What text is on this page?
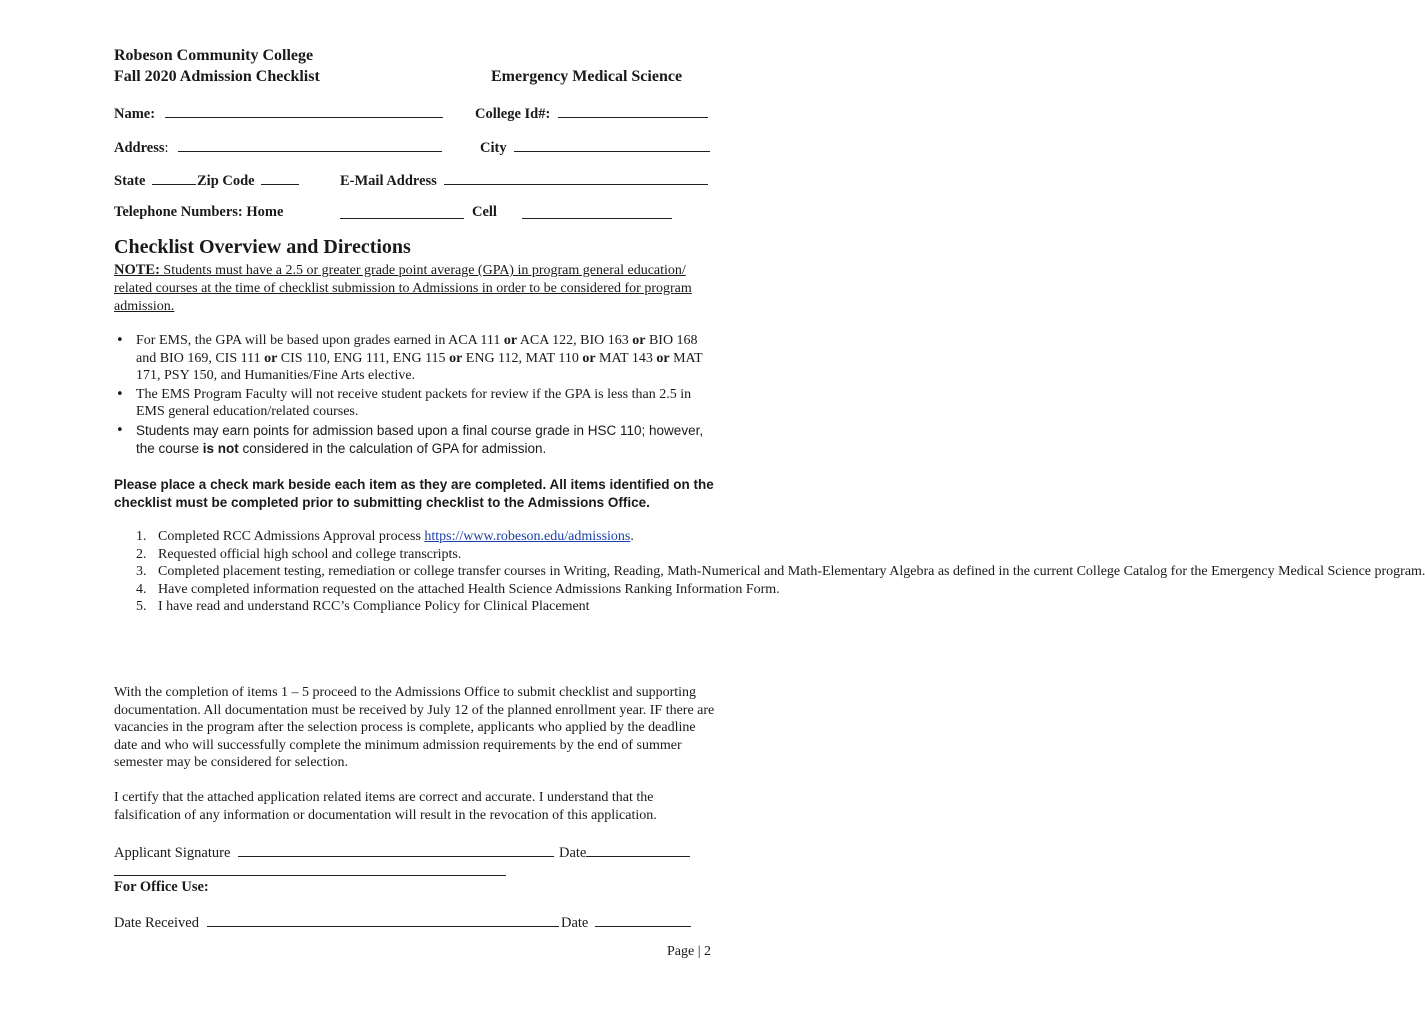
Robeson Community College
Fall 2020 Admission Checklist	Emergency Medical Science
Name:	College Id#:
Address:	City
State	Zip Code	E-Mail Address
Telephone Numbers: Home	Cell
Checklist Overview and Directions
NOTE: Students must have a 2.5 or greater grade point average (GPA) in program general education/ related courses at the time of checklist submission to Admissions in order to be considered for program admission.
• For EMS, the GPA will be based upon grades earned in ACA 111 or ACA 122, BIO 163 or BIO 168 and BIO 169, CIS 111 or CIS 110, ENG 111, ENG 115 or ENG 112, MAT 110 or MAT 143 or MAT 171, PSY 150, and Humanities/Fine Arts elective.
• The EMS Program Faculty will not receive student packets for review if the GPA is less than 2.5 in EMS general education/related courses.
• Students may earn points for admission based upon a final course grade in HSC 110; however, the course is not considered in the calculation of GPA for admission.
Please place a check mark beside each item as they are completed. All items identified on the checklist must be completed prior to submitting checklist to the Admissions Office.
1. Completed RCC Admissions Approval process https://www.robeson.edu/admissions.
2. Requested official high school and college transcripts.
3. Completed placement testing, remediation or college transfer courses in Writing, Reading, Math-Numerical and Math-Elementary Algebra as defined in the current College Catalog for the Emergency Medical Science program.
4. Have completed information requested on the attached Health Science Admissions Ranking Information Form.
5. I have read and understand RCC’s Compliance Policy for Clinical Placement
With the completion of items 1 – 5 proceed to the Admissions Office to submit checklist and supporting documentation. All documentation must be received by July 12 of the planned enrollment year. IF there are vacancies in the program after the selection process is complete, applicants who applied by the deadline date and who will successfully complete the minimum admission requirements by the end of summer semester may be considered for selection.
I certify that the attached application related items are correct and accurate. I understand that the falsification of any information or documentation will result in the revocation of this application.
Applicant Signature	Date
For Office Use:
Date Received	Date
Page | 2
